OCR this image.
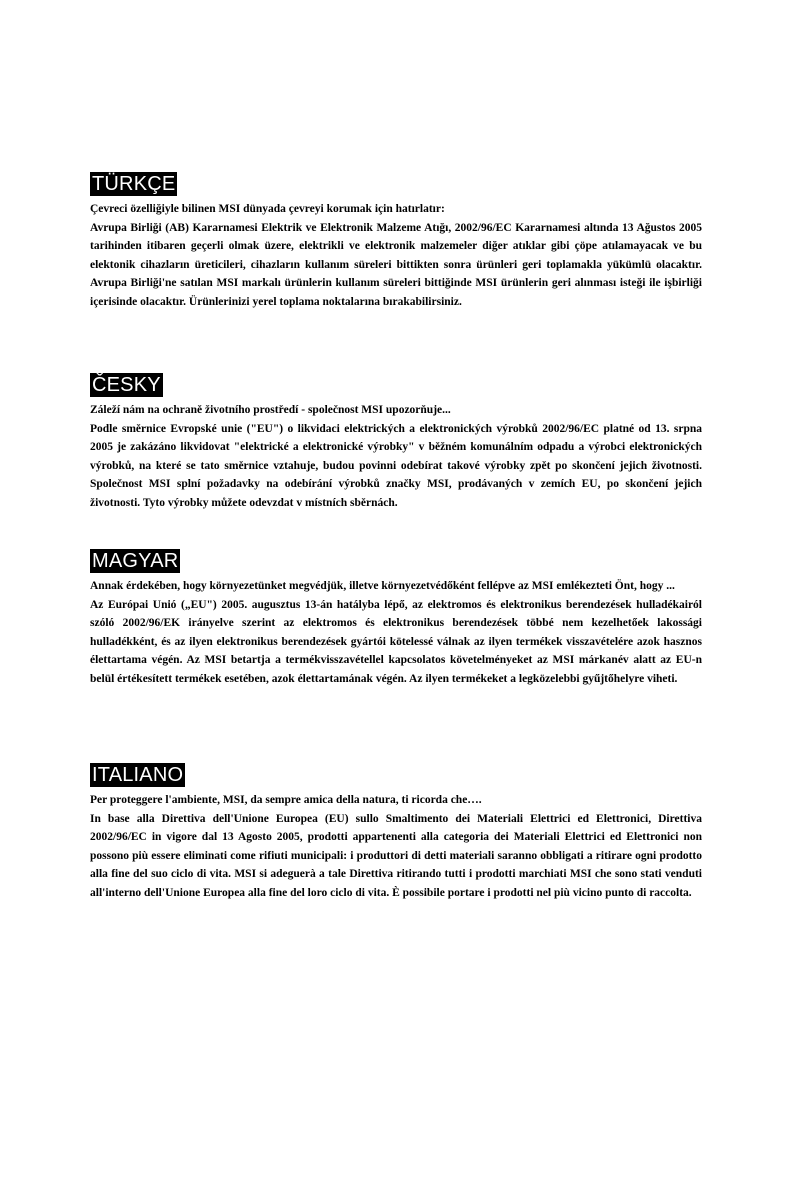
TÜRKÇE

Çevreci özelliğiyle bilinen MSI dünyada çevreyi korumak için hatırlatır:

Avrupa Birliği (AB) Kararnamesi Elektrik ve Elektronik Malzeme Atığı, 2002/96/EC Kararnamesi altında 13 Ağustos 2005 tarihinden itibaren geçerli olmak üzere, elektrikli ve elektronik malzemeler diğer atıklar gibi çöpe atılamayacak ve bu elektonik cihazların üreticileri, cihazların kullanım süreleri bittikten sonra ürünleri geri toplamakla yükümlü olacaktır. Avrupa Birliği'ne satılan MSI markalı ürünlerin kullanım süreleri bittiğinde MSI ürünlerin geri alınması isteği ile işbirliği içerisinde olacaktır. Ürünlerinizi yerel toplama noktalarına bırakabilirsiniz.

ČESKY

Záleží nám na ochraně životního prostředí - společnost MSI upozorňuje...

Podle směrnice Evropské unie ("EU") o likvidaci elektrických a elektronických výrobků 2002/96/EC platné od 13. srpna 2005 je zakázáno likvidovat "elektrické a elektronické výrobky" v běžném komunálním odpadu a výrobci elektronických výrobků, na které se tato směrnice vztahuje, budou povinni odebírat takové výrobky zpět po skončení jejich životnosti. Společnost MSI splní požadavky na odebírání výrobků značky MSI, prodávaných v zemích EU, po skončení jejich životnosti. Tyto výrobky můžete odevzdat v místních sběrnách.

MAGYAR

Annak érdekében, hogy környezetünket megvédjük, illetve környezetvédőként fellépve az MSI emlékezteti Önt, hogy ...

Az Európai Unió („EU") 2005. augusztus 13-án hatályba lépő, az elektromos és elektronikus berendezések hulladékairól szóló 2002/96/EK irányelve szerint az elektromos és elektronikus berendezések többé nem kezelhetőek lakossági hulladékként, és az ilyen elektronikus berendezések gyártói kötelessé válnak az ilyen termékek visszavételére azok hasznos élettartama végén. Az MSI betartja a termékvisszavétellel kapcsolatos követelményeket az MSI márkanév alatt az EU-n belül értékesített termékek esetében, azok élettartamának végén. Az ilyen termékeket a legközelebbi gyűjtőhelyre viheti.

ITALIANO

Per proteggere l'ambiente, MSI, da sempre amica della natura, ti ricorda che….

In base alla Direttiva dell'Unione Europea (EU) sullo Smaltimento dei Materiali Elettrici ed Elettronici, Direttiva 2002/96/EC in vigore dal 13 Agosto 2005, prodotti appartenenti alla categoria dei Materiali Elettrici ed Elettronici non possono più essere eliminati come rifiuti municipali: i produttori di detti materiali saranno obbligati a ritirare ogni prodotto alla fine del suo ciclo di vita. MSI si adeguerà a tale Direttiva ritirando tutti i prodotti marchiati MSI che sono stati venduti all'interno dell'Unione Europea alla fine del loro ciclo di vita. È possibile portare i prodotti nel più vicino punto di raccolta.
